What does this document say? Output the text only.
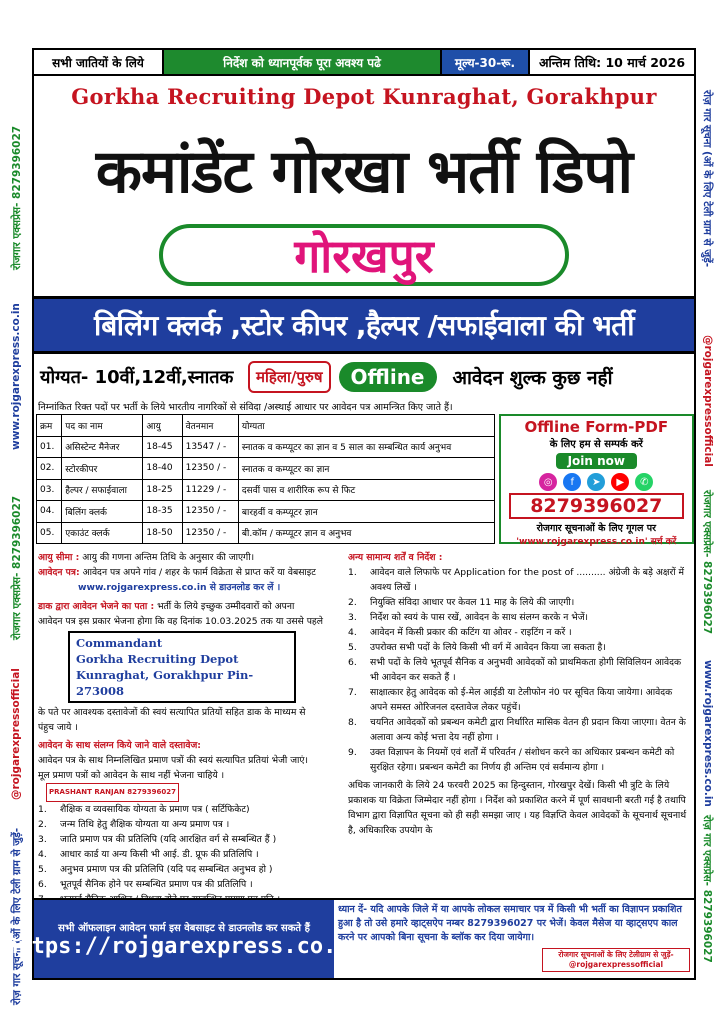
रोजगार एक्सप्रेस- 8279396027
www.rojgarexpress.co.in
रोजगार एक्सप्रेस- 8279396027
@rojgarexpressofficial
रोज़ गार सूचना (ओं के लिए टेली ग्राम से जुड़ें-
रोज़ गार सूचना (ओं के लिए टेली ग्राम से जुड़ें-
@rojgarexpressofficial
रोजगार एक्सप्रेस- 8279396027
www.rojgarexpress.co.in
रोज़ गार एक्सप्रेस- 8279396027
सभी जातियों के लिये	निर्देश को ध्यानपूर्वक पूरा अवश्य पढे	मूल्य-30-रू.	अन्तिम तिथि: 10 मार्च 2026
Gorkha Recruiting Depot Kunraghat, Gorakhpur
कमांडेंट गोरखा भर्ती डिपो
गोरखपुर
बिलिंग क्लर्क ,स्टोर कीपर ,हैल्पर /सफाईवाला की भर्ती
योग्यत- 10वीं,12वीं,स्नातक	महिला/पुरुष	Offline	आवेदन शुल्क कुछ नहीं
निम्नांकित रिक्त पदों पर भर्ती के लिये भारतीय नागरिकों से संविदा /अस्थाई आधार पर आवेदन पत्र आमन्त्रित किए जाते हैं।
क्रम	पद का नाम	आयु	वेतनमान	योग्यता
01.	असिस्टेन्ट मैनेजर	18-45	13547 / -	स्नातक व कम्प्यूटर का ज्ञान व 5 साल का सम्बन्धित कार्य अनुभव
02.	स्टोरकीपर	18-40	12350 / -	स्नातक व कम्प्यूटर का ज्ञान
03.	हैल्पर / सफाईवाला	18-25	11229 / -	दसवीं पास व शारीरिक रूप से फिट
04.	बिलिंग क्लर्क	18-35	12350 / -	बारहवीं व कम्प्यूटर ज्ञान
05.	एकाउंट क्लर्क	18-50	12350 / -	बी.कॉम / कम्प्यूटर ज्ञान व अनुभव
Offline Form-PDF
के लिए हम से सम्पर्क करें
Join now
◎	f	➤	▶	✆
8279396027
रोजगार सूचनाओं के लिए गूगल पर
'www.rojgarexpress.co.in' सर्च करें
आयु सीमा : आयु की गणना अन्तिम तिथि के अनुसार की जाएगी।
आवेदन पत्र: आवेदन पत्र अपने गांव / शहर के फार्म विक्रेता से प्राप्त करें या वेबसाइट
www.rojgarexpress.co.in से डाउनलोड कर लें ।
डाक द्वारा आवेदन भेजने का पता : भर्ती के लिये इच्छुक उम्मीदवारों को अपना
आवेदन पत्र इस प्रकार भेजना होगा कि वह दिनांक 10.03.2025 तक या उससे पहले
Commandant
Gorkha Recruiting Depot
Kunraghat, Gorakhpur Pin-273008
के पते पर आवश्यक दस्तावेजों की स्वयं सत्यापित प्रतियों सहित डाक के माध्यम से
पंहुच जाये ।
आवेदन के साथ संलग्न किये जाने वाले दस्तावेज:
आवेदन पत्र के साथ निम्नलिखित प्रमाण पत्रों की स्वयं सत्यापित प्रतियां भेजी जाएं।
मूल प्रमाण पत्रों को आवेदन के साथ नहीं भेजना चाहिये ।PRASHANT RANJAN 8279396027
1.	शैक्षिक व व्यवसायिक योग्यता के प्रमाण पत्र ( सर्टिफिकेट)
2.	जन्म तिथि हेतु शैक्षिक योग्यता या अन्य प्रमाण पत्र ।
3.	जाति प्रमाण पत्र की प्रतिलिपि (यदि आरक्षित वर्ग से सम्बन्धित हैं )
4.	आधार कार्ड या अन्य किसी भी आई. डी. प्रूफ की प्रतिलिपि ।
5.	अनुभव प्रमाण पत्र की प्रतिलिपि (यदि पद सम्बन्धित अनुभव हो )
6.	भूतपूर्व सैनिक होने पर सम्बन्धित प्रमाण पत्र की प्रतिलिपि ।
अन्य सामान्य शर्तें व निर्देश :
1.	आवेदन वाले लिफाफे पर Application for the post of .......... अंग्रेजी के बड़े अक्षरों में अवश्य लिखें ।
2.	नियुक्ति संविदा आधार पर केवल 11 माह के लिये की जाएगी।
3.	निर्देश को स्वयं के पास रखें, आवेदन के साथ संलग्न करके न भेजें।
4.	आवेदन में किसी प्रकार की कटिंग या ओवर - राइटिंग न करें ।
5.	उपरोक्त सभी पदों के लिये किसी भी वर्ग में आवेदन किया जा सकता है।
6.	सभी पदों के लिये भूतपूर्व सैनिक व अनुभवी आवेदकों को प्राथमिकता होगी सिविलियन आवेदक भी आवेदन कर सकते हैं ।
7.	साक्षात्कार हेतु आवेदक को ई-मेल आईडी या टेलीफोन नं0 पर सूचित किया जायेगा। आवेदक अपने समस्त ओरिजनल दस्तावेज लेकर पहुंचें।
8.	चयनित आवेदकों को प्रबन्धन कमेटी द्वारा निर्धारित मासिक वेतन ही प्रदान किया जाएगा। वेतन के अलावा अन्य कोई भत्ता देय नहीं होगा ।
9.	उक्त विज्ञापन के नियमों एवं शर्तों में परिवर्तन / संशोधन करने का अधिकार प्रबन्धन कमेटी को सुरक्षित रहेगा। प्रबन्धन कमेटी का निर्णय ही अन्तिम एवं सर्वमान्य होगा ।
अधिक जानकारी के लिये 24 फरवरी 2025 का हिन्दुस्तान, गोरखपुर देखें। किसी भी त्रुटि के लिये प्रकाशक या विक्रेता जिम्मेदार नहीं होगा । निर्देश को प्रकाशित करने में पूर्ण सावधानी बरती गई है तथापि विभाग द्वारा विज्ञापित सूचना को ही सही समझा जाए । यह विज्ञप्ति केवल आवेदकों के सूचनार्थ सूचनार्थ है, अधिकारिक उपयोग के
सभी ऑफलाइन आवेदन फार्म इस वेबसाइट से डाउनलोड कर सकते हैं
https://rojgarexpress.co.in
ध्यान दें- यदि आपके जिले में या आपके लोकल समाचार पत्र में किसी भी भर्ती का विज्ञापन प्रकाशित हुआ है तो उसे हमारे व्हाट्सऐप नम्बर 8279396027 पर भेजें। केवल मैसेज या व्हाट्सएप काल करने पर आपको बिना सूचना के ब्लॉक कर दिया जायेगा।
रोजगार सूचनाओं के लिए टेलीग्राम से जुड़ें- @rojgarexpressofficial
